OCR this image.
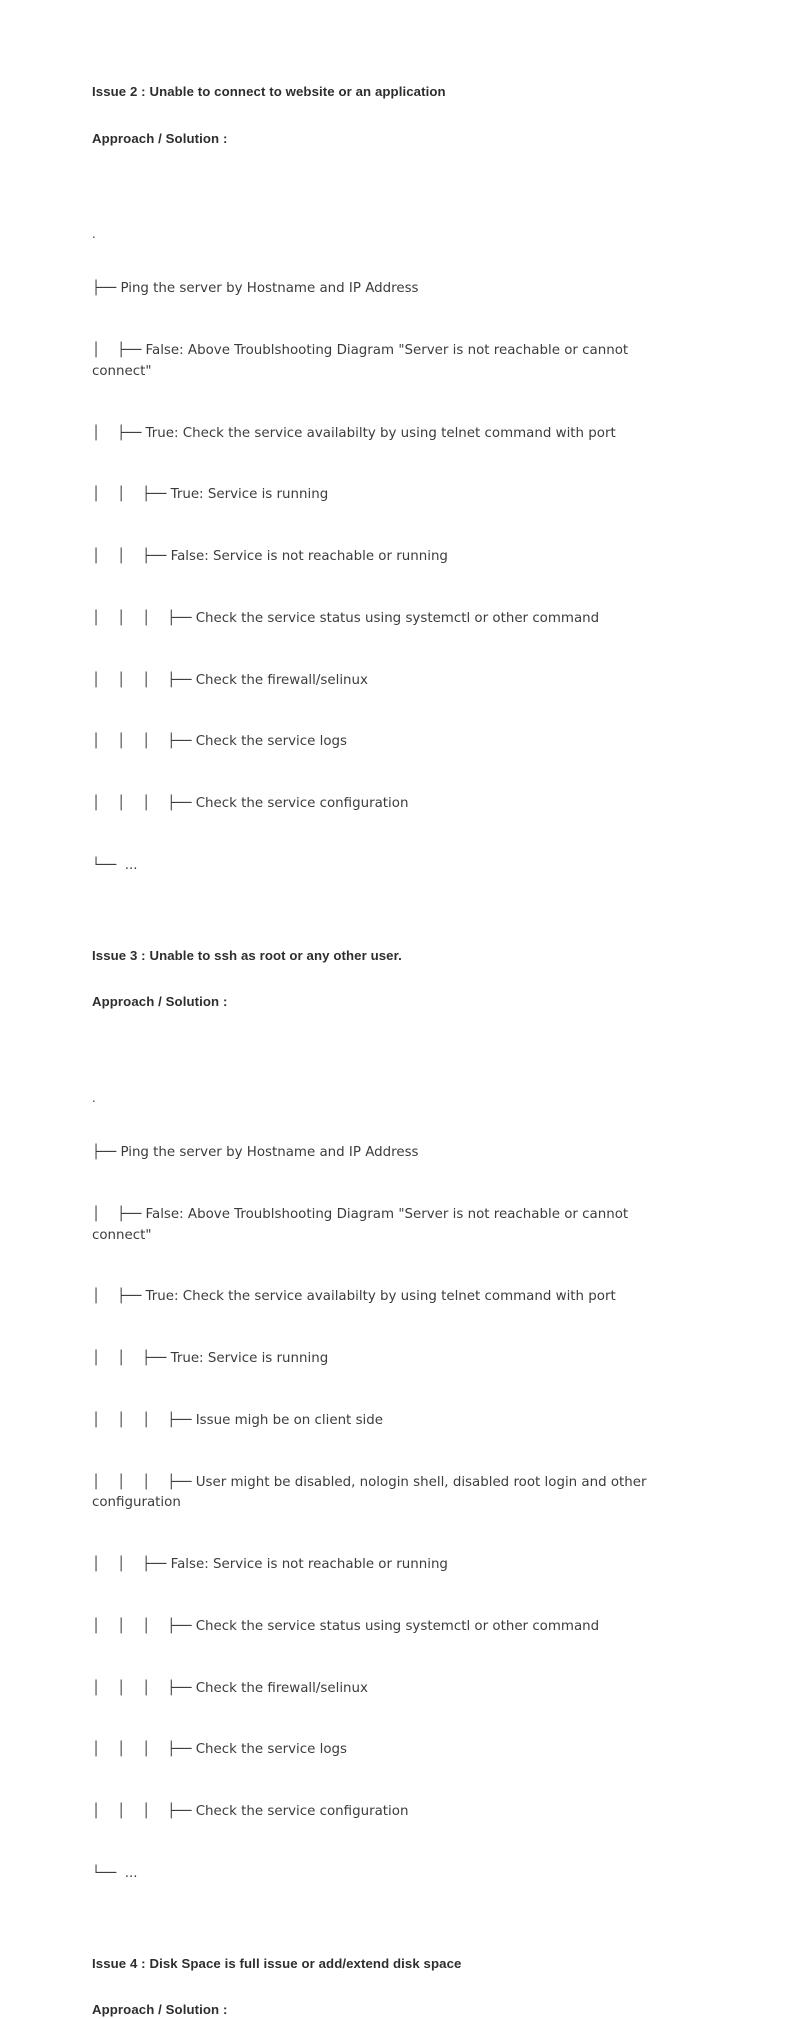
Issue 2 : Unable to connect to website or an application
Approach / Solution :

.

├── Ping the server by Hostname and IP Address

│    ├── False: Above Troublshooting Diagram "Server is not reachable or cannot connect"

│    ├── True: Check the service availabilty by using telnet command with port

│    │    ├── True: Service is running

│    │    ├── False: Service is not reachable or running

│    │    │    ├── Check the service status using systemctl or other command

│    │    │    ├── Check the firewall/selinux

│    │    │    ├── Check the service logs

│    │    │    ├── Check the service configuration

└──  ...

Issue 3 : Unable to ssh as root or any other user.
Approach / Solution :

.

├── Ping the server by Hostname and IP Address

│    ├── False: Above Troublshooting Diagram "Server is not reachable or cannot connect"

│    ├── True: Check the service availabilty by using telnet command with port

│    │    ├── True: Service is running

│    │    │    ├── Issue migh be on client side

│    │    │    ├── User might be disabled, nologin shell, disabled root login and other configuration

│    │    ├── False: Service is not reachable or running

│    │    │    ├── Check the service status using systemctl or other command

│    │    │    ├── Check the firewall/selinux

│    │    │    ├── Check the service logs

│    │    │    ├── Check the service configuration

└──  ...

Issue 4 : Disk Space is full issue or add/extend disk space
Approach / Solution :
